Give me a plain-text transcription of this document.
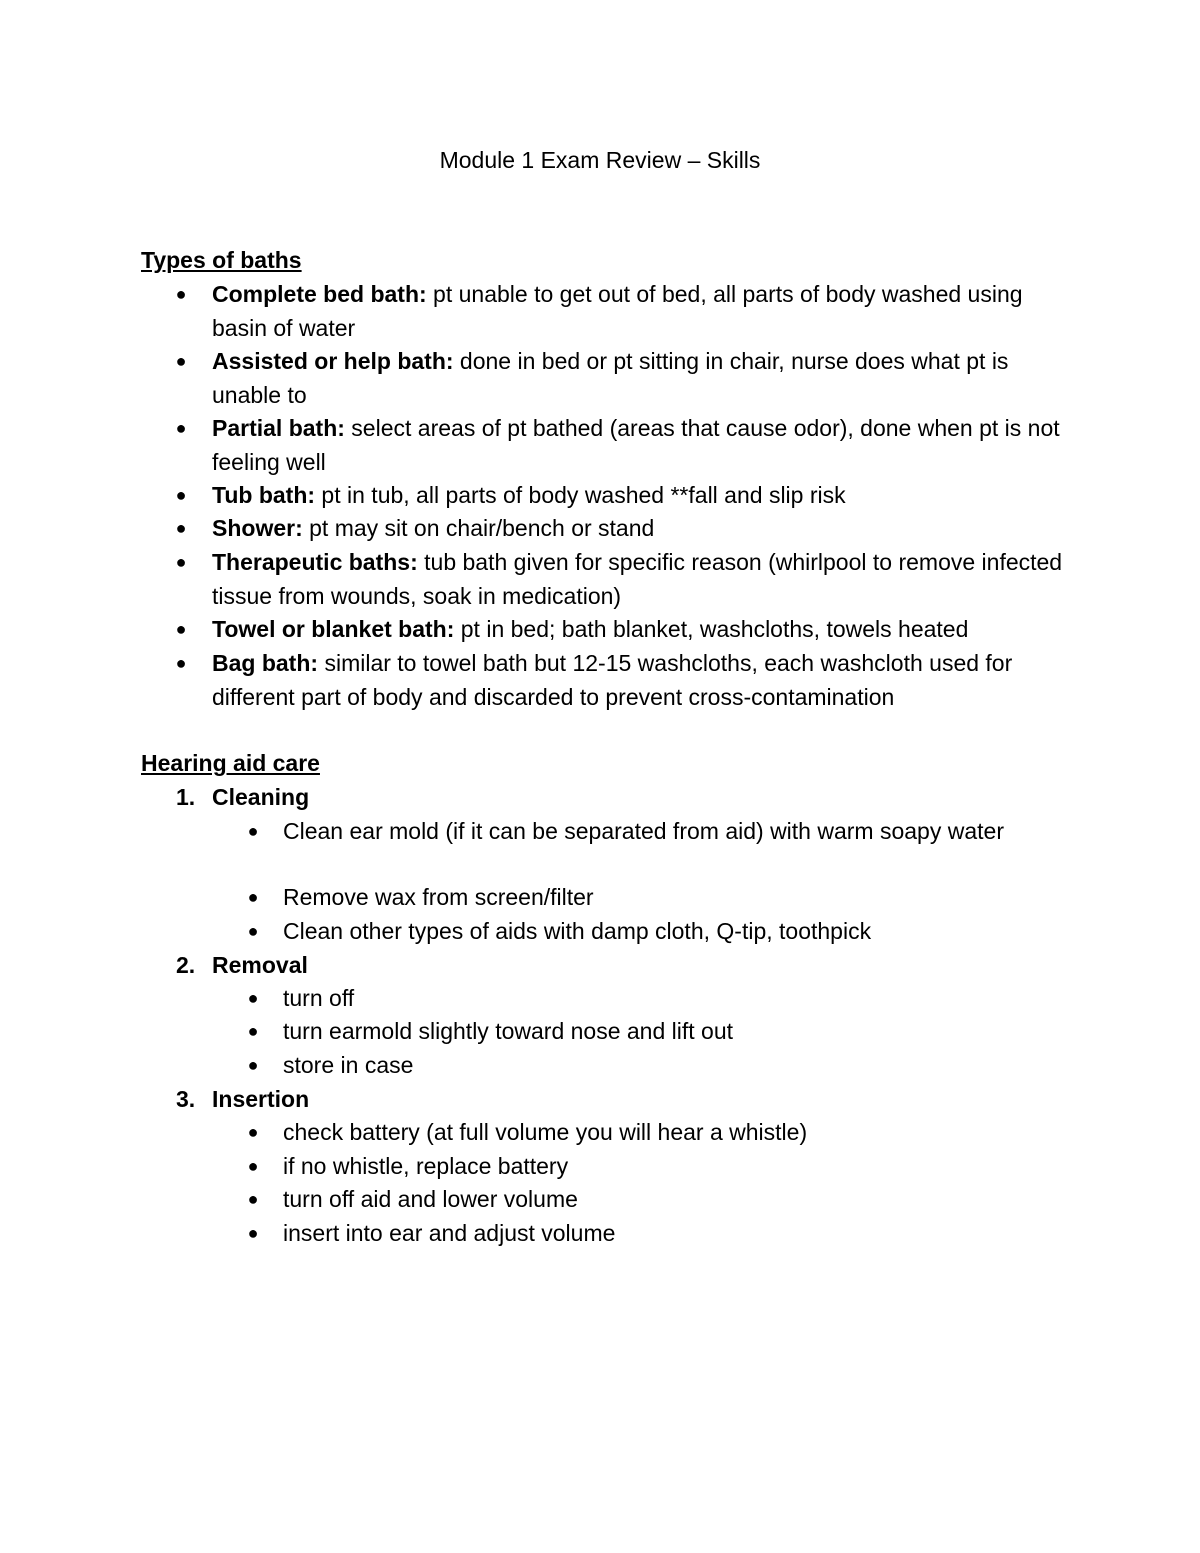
Module 1 Exam Review – Skills
Types of baths
● Complete bed bath: pt unable to get out of bed, all parts of body washed using basin of water
● Assisted or help bath: done in bed or pt sitting in chair, nurse does what pt is unable to
● Partial bath: select areas of pt bathed (areas that cause odor), done when pt is not feeling well
● Tub bath: pt in tub, all parts of body washed **fall and slip risk
● Shower: pt may sit on chair/bench or stand
● Therapeutic baths: tub bath given for specific reason (whirlpool to remove infected tissue from wounds, soak in medication)
● Towel or blanket bath: pt in bed; bath blanket, washcloths, towels heated
● Bag bath: similar to towel bath but 12-15 washcloths, each washcloth used for different part of body and discarded to prevent cross-contamination
Hearing aid care
1. Cleaning
● Clean ear mold (if it can be separated from aid) with warm soapy water
● Remove wax from screen/filter
● Clean other types of aids with damp cloth, Q-tip, toothpick
2. Removal
● turn off
● turn earmold slightly toward nose and lift out
● store in case
3. Insertion
● check battery (at full volume you will hear a whistle)
● if no whistle, replace battery
● turn off aid and lower volume
● insert into ear and adjust volume
